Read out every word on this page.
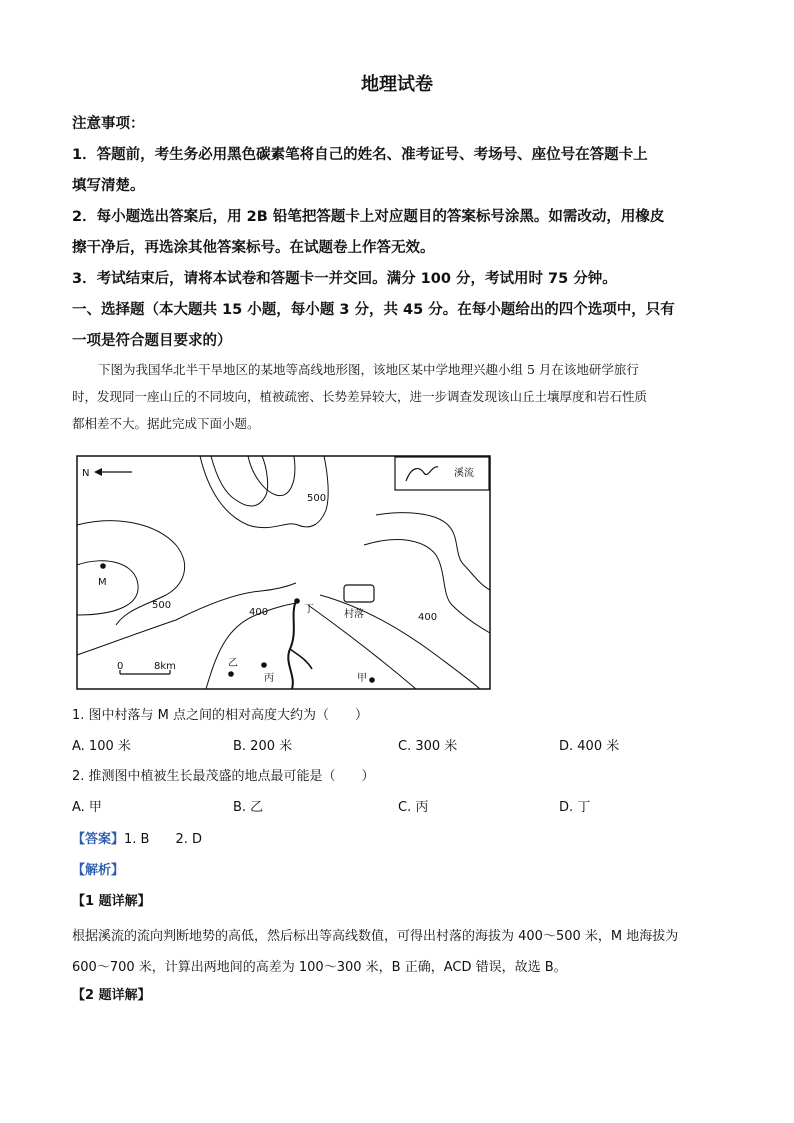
地理试卷
注意事项：
1．答题前，考生务必用黑色碳素笔将自己的姓名、准考证号、考场号、座位号在答题卡上
填写清楚。
2．每小题选出答案后，用 2B 铅笔把答题卡上对应题目的答案标号涂黑。如需改动，用橡皮
擦干净后，再选涂其他答案标号。在试题卷上作答无效。
3．考试结束后，请将本试卷和答题卡一并交回。满分 100 分，考试用时 75 分钟。
一、选择题（本大题共 15 小题，每小题 3 分，共 45 分。在每小题给出的四个选项中，只有
一项是符合题目要求的）

下图为我国华北半干旱地区的某地等高线地形图，该地区某中学地理兴趣小组 5 月在该地研学旅行

时，发现同一座山丘的不同坡向，植被疏密、长势差异较大，进一步调查发现该山丘土壤厚度和岩石性质

都相差不大。据此完成下面小题。

溪流
N
500
500
400	400
M
丁	村落
乙
丙	甲
0	8km
1. 图中村落与 M 点之间的相对高度大约为（　　）
A. 100 米	B. 200 米	C. 300 米	D. 400 米
2. 推测图中植被生长最茂盛的地点最可能是（　　）
A. 甲	B. 乙	C. 丙	D. 丁
【答案】1. B　　2. D
【解析】
【1 题详解】

根据溪流的流向判断地势的高低，然后标出等高线数值，可得出村落的海拔为 400～500 米，M 地海拔为

600～700 米，计算出两地间的高差为 100～300 米，B 正确，ACD 错误，故选 B。

【2 题详解】
